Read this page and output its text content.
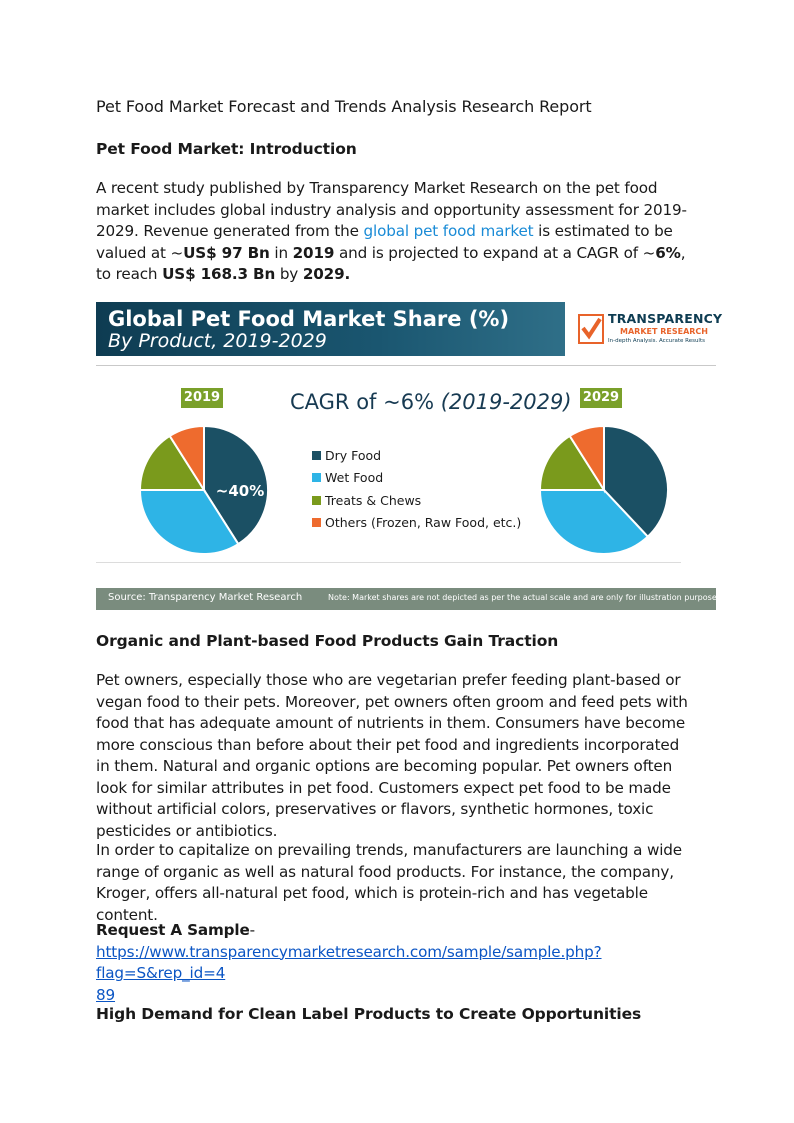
Pet Food Market Forecast and Trends Analysis Research Report
Pet Food Market: Introduction

A recent study published by Transparency Market Research on the pet food market includes global industry analysis and opportunity assessment for 2019-2029. Revenue generated from the global pet food market is estimated to be valued at ~US$ 97 Bn in 2019 and is projected to expand at a CAGR of ~6%, to reach US$ 168.3 Bn by 2029.

Global Pet Food Market Share (%)
By Product, 2019-2029
TRANSPARENCY
MARKET RESEARCH
In-depth Analysis. Accurate Results
2019	2029
CAGR of ~6% (2019-2029)
~40%
Dry Food
Wet Food
Treats & Chews
Others (Frozen, Raw Food, etc.)
Source: Transparency Market Research	Note: Market shares are not depicted as per the actual scale and are only for illustration purposes.
Organic and Plant-based Food Products Gain Traction

Pet owners, especially those who are vegetarian prefer feeding plant-based or vegan food to their pets. Moreover, pet owners often groom and feed pets with food that has adequate amount of nutrients in them. Consumers have become more conscious than before about their pet food and ingredients incorporated in them. Natural and organic options are becoming popular. Pet owners often look for similar attributes in pet food. Customers expect pet food to be made without artificial colors, preservatives or flavors, synthetic hormones, toxic pesticides or antibiotics.

In order to capitalize on prevailing trends, manufacturers are launching a wide range of organic as well as natural food products. For instance, the company, Kroger, offers all-natural pet food, which is protein-rich and has vegetable content.

Request A Sample-
https://www.transparencymarketresearch.com/sample/sample.php?flag=S&rep_id=4
89

High Demand for Clean Label Products to Create Opportunities
